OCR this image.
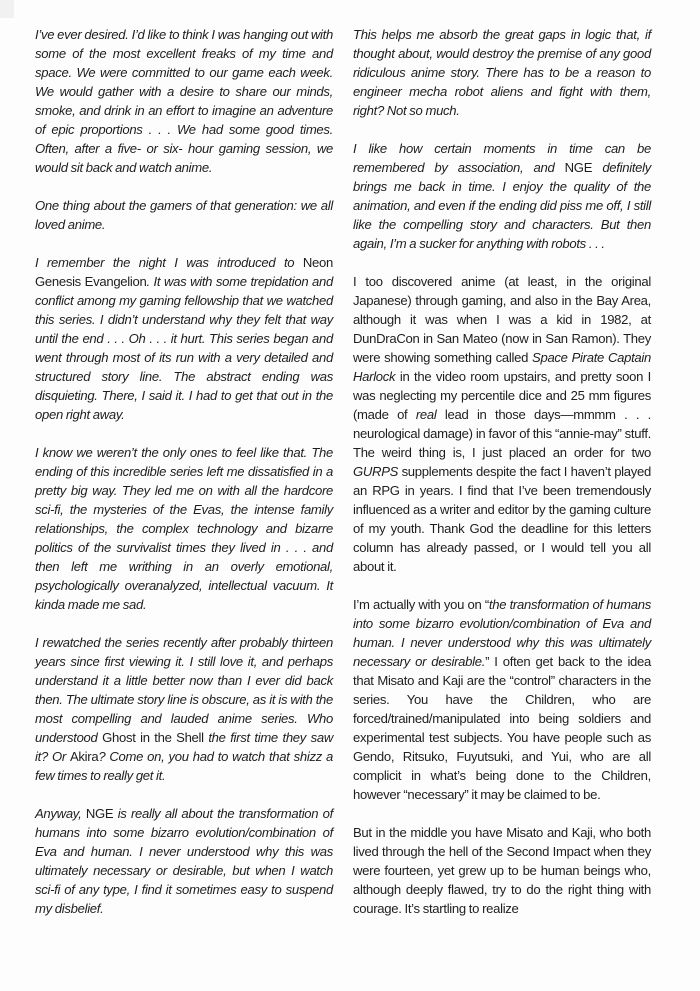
I’ve ever desired. I’d like to think I was hanging out with some of the most excellent freaks of my time and space. We were committed to our game each week. We would gather with a desire to share our minds, smoke, and drink in an effort to imagine an adventure of epic proportions . . . We had some good times. Often, after a five- or six- hour gaming session, we would sit back and watch anime.

One thing about the gamers of that generation: we all loved anime.

I remember the night I was introduced to Neon Genesis Evangelion. It was with some trepidation and conflict among my gaming fellowship that we watched this series. I didn’t understand why they felt that way until the end . . . Oh . . . it hurt. This series began and went through most of its run with a very detailed and structured story line. The abstract ending was disquieting. There, I said it. I had to get that out in the open right away.

I know we weren’t the only ones to feel like that. The ending of this incredible series left me dissatisfied in a pretty big way. They led me on with all the hardcore sci-fi, the mysteries of the Evas, the intense family relationships, the complex technology and bizarre politics of the survivalist times they lived in . . . and then left me writhing in an overly emotional, psychologically overanalyzed, intellectual vacuum. It kinda made me sad.

I rewatched the series recently after probably thirteen years since first viewing it. I still love it, and perhaps understand it a little better now than I ever did back then. The ultimate story line is obscure, as it is with the most compelling and lauded anime series. Who understood Ghost in the Shell the first time they saw it? Or Akira? Come on, you had to watch that shizz a few times to really get it.

Anyway, NGE is really all about the transformation of humans into some bizarro evolution/combination of Eva and human. I never understood why this was ultimately necessary or desirable, but when I watch sci-fi of any type, I find it sometimes easy to suspend my disbelief.

This helps me absorb the great gaps in logic that, if thought about, would destroy the premise of any good ridiculous anime story. There has to be a reason to engineer mecha robot aliens and fight with them, right? Not so much.

I like how certain moments in time can be remembered by association, and NGE definitely brings me back in time. I enjoy the quality of the animation, and even if the ending did piss me off, I still like the compelling story and characters. But then again, I’m a sucker for anything with robots . . .

I too discovered anime (at least, in the original Japanese) through gaming, and also in the Bay Area, although it was when I was a kid in 1982, at DunDraCon in San Mateo (now in San Ramon). They were showing something called Space Pirate Captain Harlock in the video room upstairs, and pretty soon I was neglecting my percentile dice and 25 mm figures (made of real lead in those days—mmmm . . . neurological damage) in favor of this “annie-may” stuff. The weird thing is, I just placed an order for two GURPS supplements despite the fact I haven’t played an RPG in years. I find that I’ve been tremendously influenced as a writer and editor by the gaming culture of my youth. Thank God the deadline for this letters column has already passed, or I would tell you all about it.

I’m actually with you on “the transformation of humans into some bizarro evolution/combination of Eva and human. I never understood why this was ultimately necessary or desirable.” I often get back to the idea that Misato and Kaji are the “control” characters in the series. You have the Children, who are forced/trained/manipulated into being soldiers and experimental test subjects. You have people such as Gendo, Ritsuko, Fuyutsuki, and Yui, who are all complicit in what’s being done to the Children, however “necessary” it may be claimed to be.

But in the middle you have Misato and Kaji, who both lived through the hell of the Second Impact when they were fourteen, yet grew up to be human beings who, although deeply flawed, try to do the right thing with courage. It’s startling to realize
